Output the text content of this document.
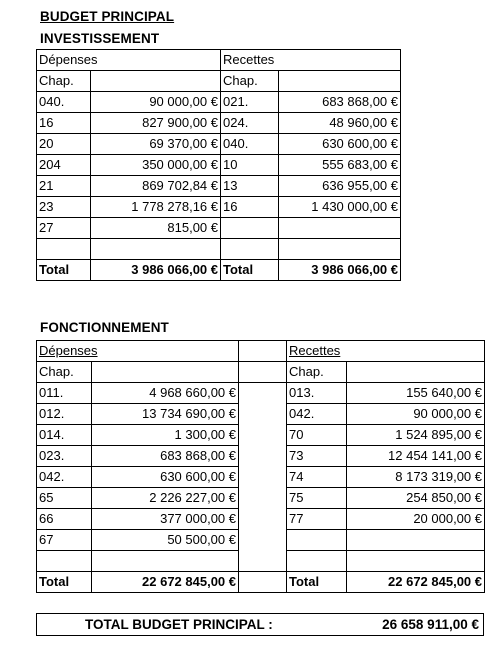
BUDGET PRINCIPAL
INVESTISSEMENT
Dépenses		Recettes	
Chap.		Chap.	
040.	90 000,00 €	021.	683 868,00 €
16	827 900,00 €	024.	48 960,00 €
20	69 370,00 €	040.	630 600,00 €
204	350 000,00 €	10	555 683,00 €
21	869 702,84 €	13	636 955,00 €
23	1 778 278,16 €	16	1 430 000,00 €
27	815,00 €		

Total	3 986 066,00 €	Total	3 986 066,00 €
FONCTIONNEMENT
Dépenses			Recettes	
Chap.			Chap.	
011.	4 968 660,00 €		013.	155 640,00 €
012.	13 734 690,00 €		042.	90 000,00 €
014.	1 300,00 €		70	1 524 895,00 €
023.	683 868,00 €		73	12 454 141,00 €
042.	630 600,00 €		74	8 173 319,00 €
65	2 226 227,00 €		75	254 850,00 €
66	377 000,00 €		77	20 000,00 €
67	50 500,00 €			

Total	22 672 845,00 €		Total	22 672 845,00 €
TOTAL BUDGET PRINCIPAL :	26 658 911,00 €
